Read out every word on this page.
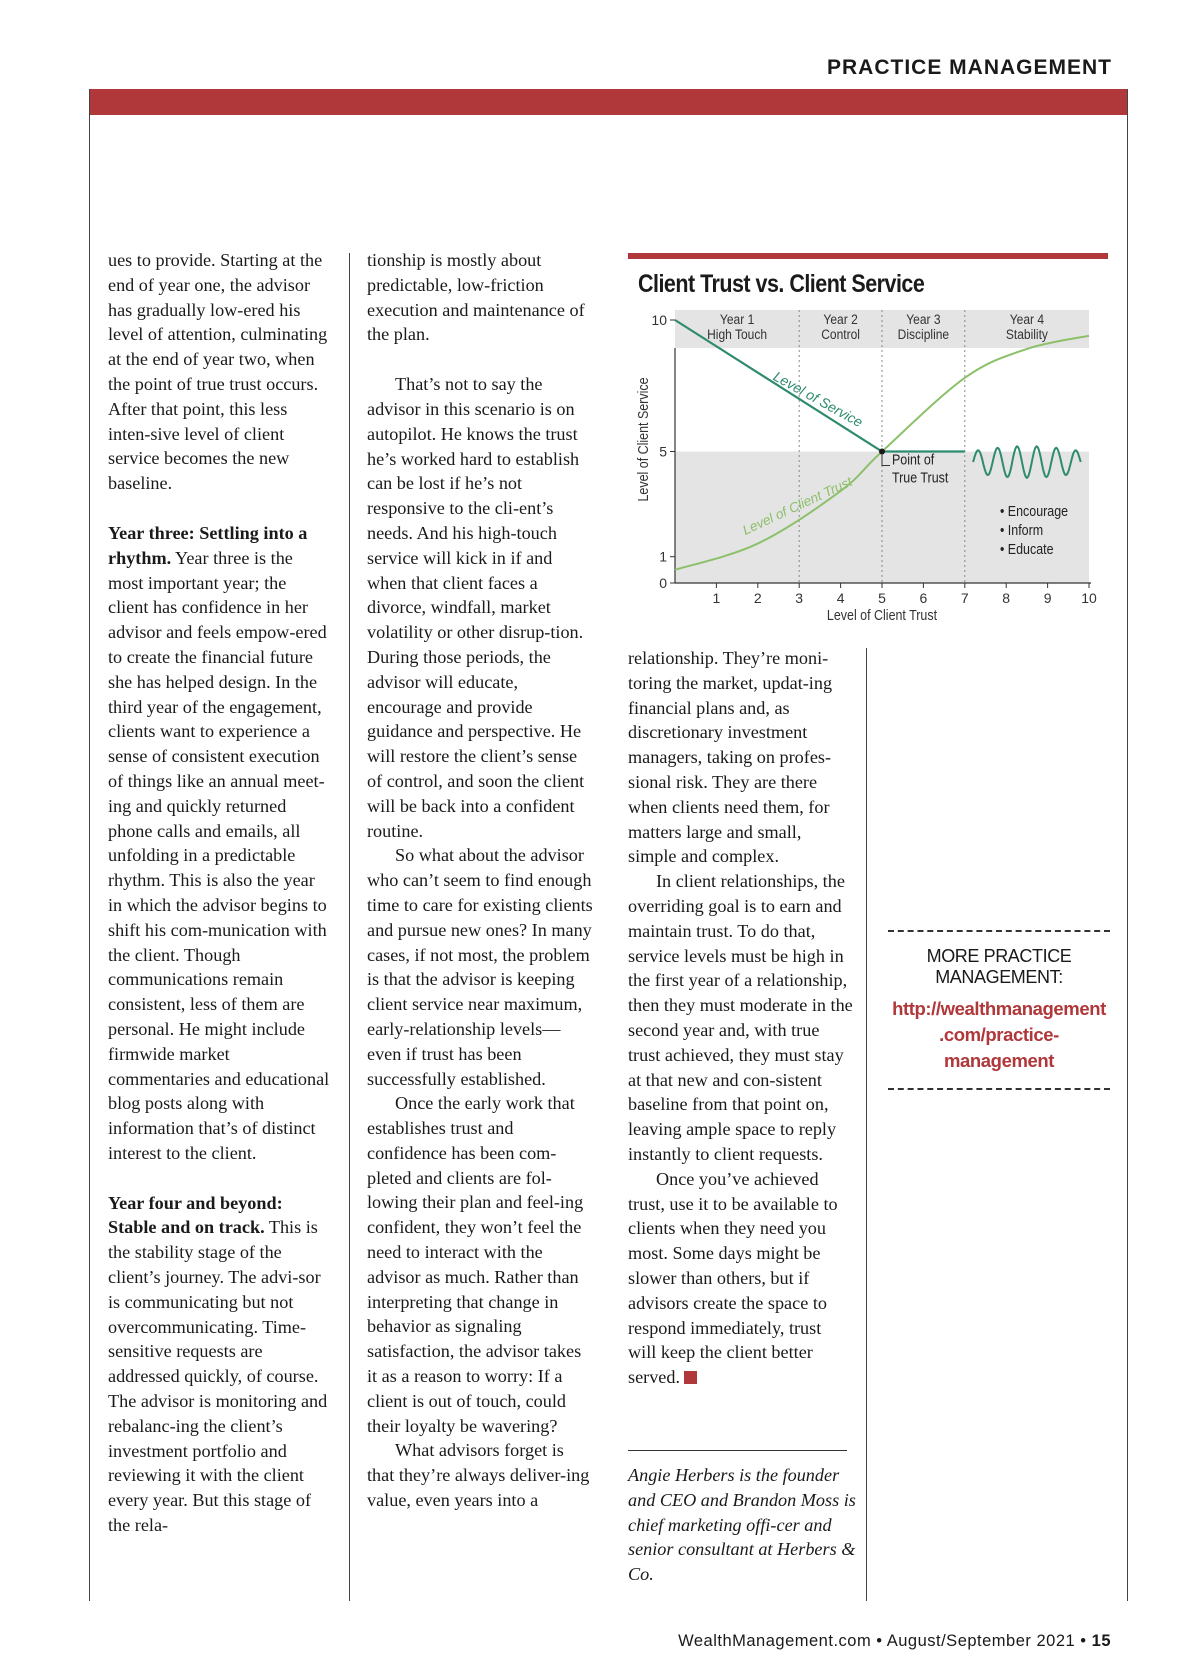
PRACTICE MANAGEMENT

ues to provide. Starting at the end of year one, the advisor has gradually low-ered his level of attention, culminating at the end of year two, when the point of true trust occurs. After that point, this less inten-sive level of client service becomes the new baseline.

Year three: Settling into a rhythm. Year three is the most important year; the client has confidence in her advisor and feels empow-ered to create the financial future she has helped design. In the third year of the engagement, clients want to experience a sense of consistent execution of things like an annual meet-ing and quickly returned phone calls and emails, all unfolding in a predictable rhythm. This is also the year in which the advisor begins to shift his com-munication with the client. Though communications remain consistent, less of them are personal. He might include firmwide market commentaries and educational blog posts along with information that’s of distinct interest to the client.

Year four and beyond: Stable and on track. This is the stability stage of the client’s journey. The advi-sor is communicating but not overcommunicating. Time-sensitive requests are addressed quickly, of course. The advisor is monitoring and rebalanc-ing the client’s investment portfolio and reviewing it with the client every year. But this stage of the rela-

tionship is mostly about predictable, low-friction execution and maintenance of the plan.

That’s not to say the advisor in this scenario is on autopilot. He knows the trust he’s worked hard to establish can be lost if he’s not responsive to the cli-ent’s needs. And his high-touch service will kick in if and when that client faces a divorce, windfall, market volatility or other disrup-tion. During those periods, the advisor will educate, encourage and provide guidance and perspective. He will restore the client’s sense of control, and soon the client will be back into a confident routine.

So what about the advisor who can’t seem to find enough time to care for existing clients and pursue new ones? In many cases, if not most, the problem is that the advisor is keeping client service near maximum, early-relationship levels—even if trust has been successfully established.

Once the early work that establishes trust and confidence has been com-pleted and clients are fol-lowing their plan and feel-ing confident, they won’t feel the need to interact with the advisor as much. Rather than interpreting that change in behavior as signaling satisfaction, the advisor takes it as a reason to worry: If a client is out of touch, could their loyalty be wavering?

What advisors forget is that they’re always deliver-ing value, even years into a

Client Trust vs. Client Service
Year 1
High Touch
Year 2
Control
Year 3
Discipline
Year 4
Stability
1 2 3 4 5 6 7 8 9 10
0
1
5
10
Level of Client Trust
Level of Client Service	Point of
True Trust
Level of Service
Level of Client Trust	• Encourage
• Inform
• Educate

relationship. They’re moni-toring the market, updat-ing financial plans and, as discretionary investment managers, taking on profes-sional risk. They are there when clients need them, for matters large and small, simple and complex.

In client relationships, the overriding goal is to earn and maintain trust. To do that, service levels must be high in the first year of a relationship, then they must moderate in the second year and, with true trust achieved, they must stay at that new and con-sistent baseline from that point on, leaving ample space to reply instantly to client requests.

Once you’ve achieved trust, use it to be available to clients when they need you most. Some days might be slower than others, but if advisors create the space to respond immediately, trust will keep the client better served.

Angie Herbers is the founder and CEO and Brandon Moss is chief marketing offi-cer and senior consultant at Herbers & Co.
MORE PRACTICE MANAGEMENT:
http://wealthmanagement
.com/practice-management
WealthManagement.com • August/September 2021 • 15
